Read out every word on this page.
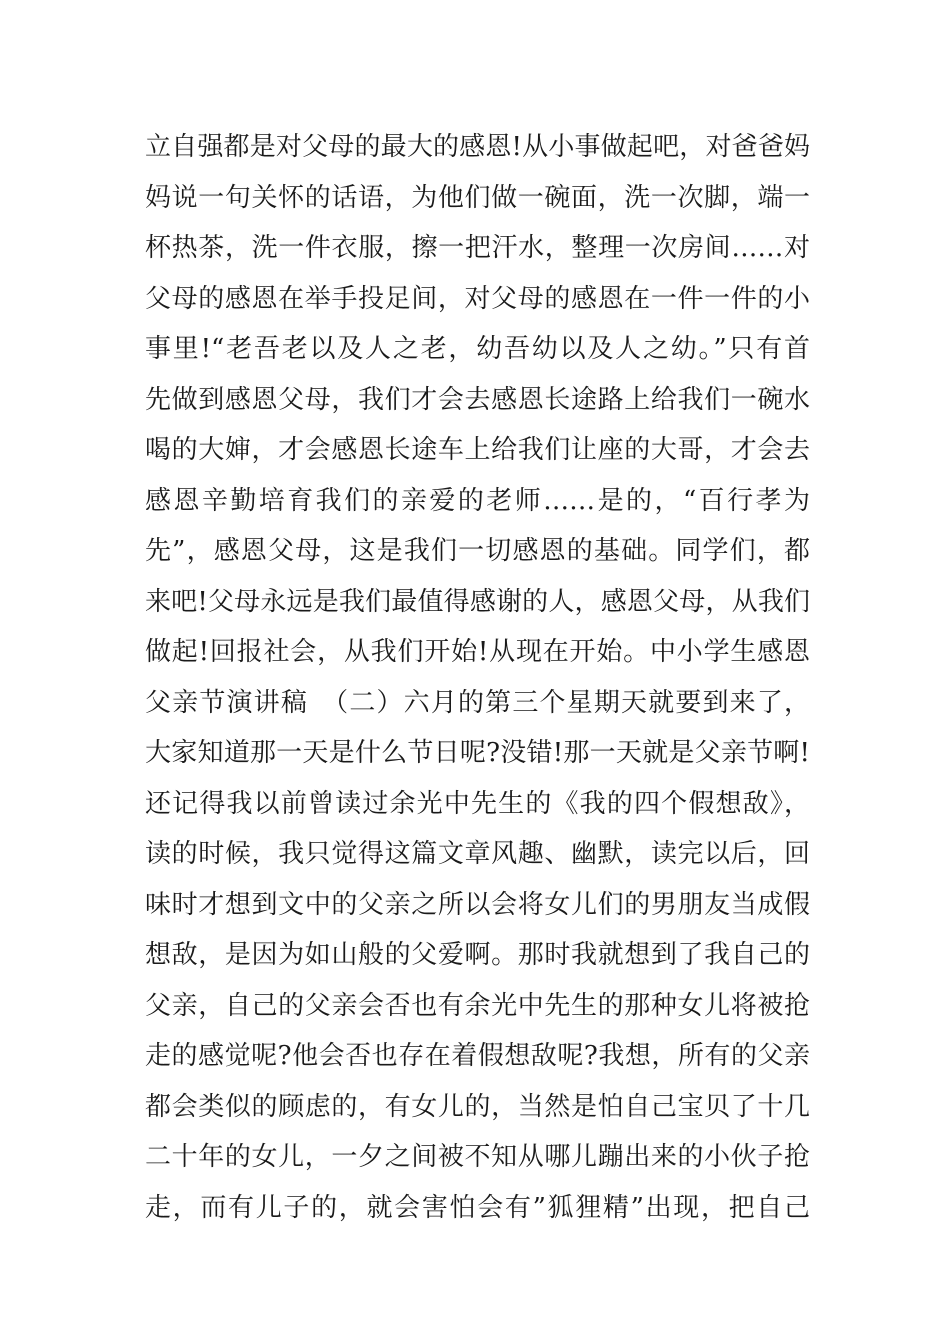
立自强都是对父母的最大的感恩!从小事做起吧，对爸爸妈
妈说一句关怀的话语，为他们做一碗面，洗一次脚，端一
杯热茶，洗一件衣服，擦一把汗水，整理一次房间……对
父母的感恩在举手投足间，对父母的感恩在一件一件的小
事里!“老吾老以及人之老，幼吾幼以及人之幼。”只有首
先做到感恩父母，我们才会去感恩长途路上给我们一碗水
喝的大婶，才会感恩长途车上给我们让座的大哥，才会去
感恩辛勤培育我们的亲爱的老师……是的，“百行孝为
先”，感恩父母，这是我们一切感恩的基础。同学们，都
来吧!父母永远是我们最值得感谢的人，感恩父母，从我们
做起!回报社会，从我们开始!从现在开始。中小学生感恩
父亲节演讲稿　（二）六月的第三个星期天就要到来了，
大家知道那一天是什么节日呢?没错!那一天就是父亲节啊!
还记得我以前曾读过余光中先生的《我的四个假想敌》，
读的时候，我只觉得这篇文章风趣、幽默，读完以后，回
味时才想到文中的父亲之所以会将女儿们的男朋友当成假
想敌，是因为如山般的父爱啊。那时我就想到了我自己的
父亲，自己的父亲会否也有余光中先生的那种女儿将被抢
走的感觉呢?他会否也存在着假想敌呢?我想，所有的父亲
都会类似的顾虑的，有女儿的，当然是怕自己宝贝了十几
二十年的女儿，一夕之间被不知从哪儿蹦出来的小伙子抢
走，而有儿子的，就会害怕会有”狐狸精”出现，把自己
